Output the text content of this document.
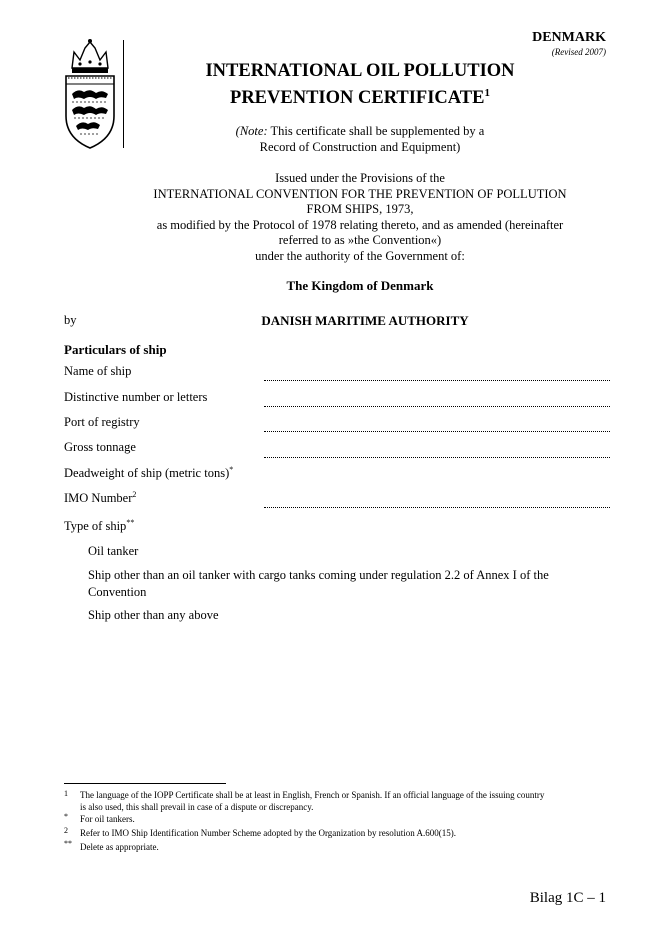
DENMARK
(Revised 2007)
INTERNATIONAL OIL POLLUTION
PREVENTION CERTIFICATE$^1$
(Note: This certificate shall be supplemented by a
Record of Construction and Equipment)
Issued under the Provisions of the
INTERNATIONAL CONVENTION FOR THE PREVENTION OF POLLUTION
FROM SHIPS, 1973,
as modified by the Protocol of 1978 relating thereto, and as amended (hereinafter
referred to as »the Convention«)
under the authority of the Government of:
The Kingdom of Denmark
by	DANISH MARITIME AUTHORITY
Particulars of ship
Name of ship
Distinctive number or letters
Port of registry
Gross tonnage
Deadweight of ship (metric tons)*
IMO Number$^2$
Type of ship**
Oil tanker
Ship other than an oil tanker with cargo tanks coming under regulation 2.2 of Annex I of the
Convention
Ship other than any above
1 The language of the IOPP Certificate shall be at least in English, French or Spanish. If an official language of the issuing country
is also used, this shall prevail in case of a dispute or discrepancy.
* For oil tankers.
2 Refer to IMO Ship Identification Number Scheme adopted by the Organization by resolution A.600(15).
** Delete as appropriate.
Bilag 1C – 1
